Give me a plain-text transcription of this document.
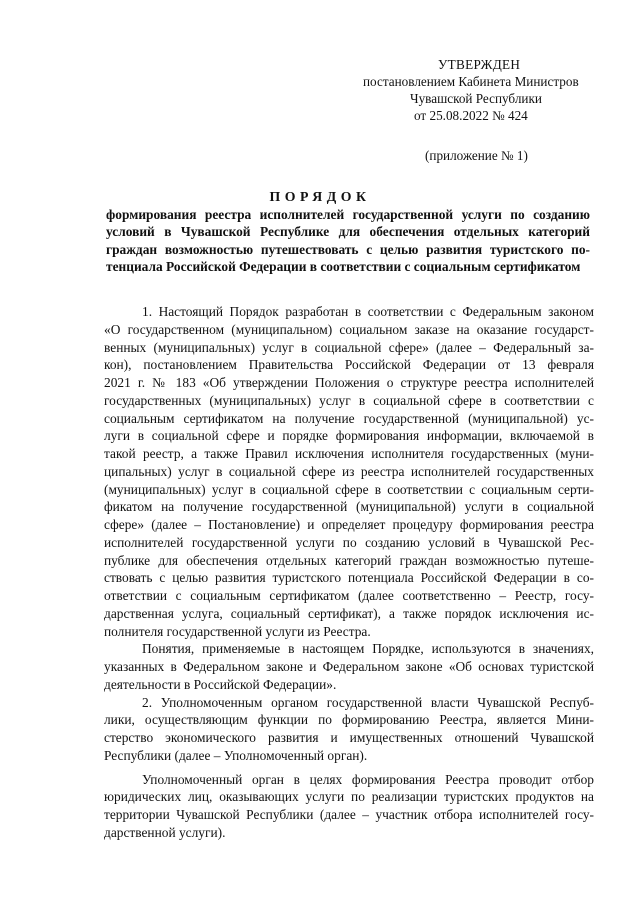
УТВЕРЖДЕН
постановлением Кабинета Министров
Чувашской Республики
от 25.08.2022 № 424
(приложение № 1)
ПОРЯДОК
формирования реестра исполнителей государственной услуги по созданию
условий в Чувашской Республике для обеспечения отдельных категорий
граждан возможностью путешествовать с целью развития туристского по-
тенциала Российской Федерации в соответствии с социальным сертификатом
1. Настоящий Порядок разработан в соответствии с Федеральным законом
«О государственном (муниципальном) социальном заказе на оказание государст-
венных (муниципальных) услуг в социальной сфере» (далее – Федеральный за-
кон), постановлением Правительства Российской Федерации от 13 февраля
2021 г. № 183 «Об утверждении Положения о структуре реестра исполнителей
государственных (муниципальных) услуг в социальной сфере в соответствии с
социальным сертификатом на получение государственной (муниципальной) ус-
луги в социальной сфере и порядке формирования информации, включаемой в
такой реестр, а также Правил исключения исполнителя государственных (муни-
ципальных) услуг в социальной сфере из реестра исполнителей государственных
(муниципальных) услуг в социальной сфере в соответствии с социальным серти-
фикатом на получение государственной (муниципальной) услуги в социальной
сфере» (далее – Постановление) и определяет процедуру формирования реестра
исполнителей государственной услуги по созданию условий в Чувашской Рес-
публике для обеспечения отдельных категорий граждан возможностью путеше-
ствовать с целью развития туристского потенциала Российской Федерации в со-
ответствии с социальным сертификатом (далее соответственно – Реестр, госу-
дарственная услуга, социальный сертификат), а также порядок исключения ис-
полнителя государственной услуги из Реестра.
Понятия, применяемые в настоящем Порядке, используются в значениях,
указанных в Федеральном законе и Федеральном законе «Об основах туристской
деятельности в Российской Федерации».
2. Уполномоченным органом государственной власти Чувашской Респуб-
лики, осуществляющим функции по формированию Реестра, является Мини-
стерство экономического развития и имущественных отношений Чувашской
Республики (далее – Уполномоченный орган).
Уполномоченный орган в целях формирования Реестра проводит отбор
юридических лиц, оказывающих услуги по реализации туристских продуктов на
территории Чувашской Республики (далее – участник отбора исполнителей госу-
дарственной услуги).
